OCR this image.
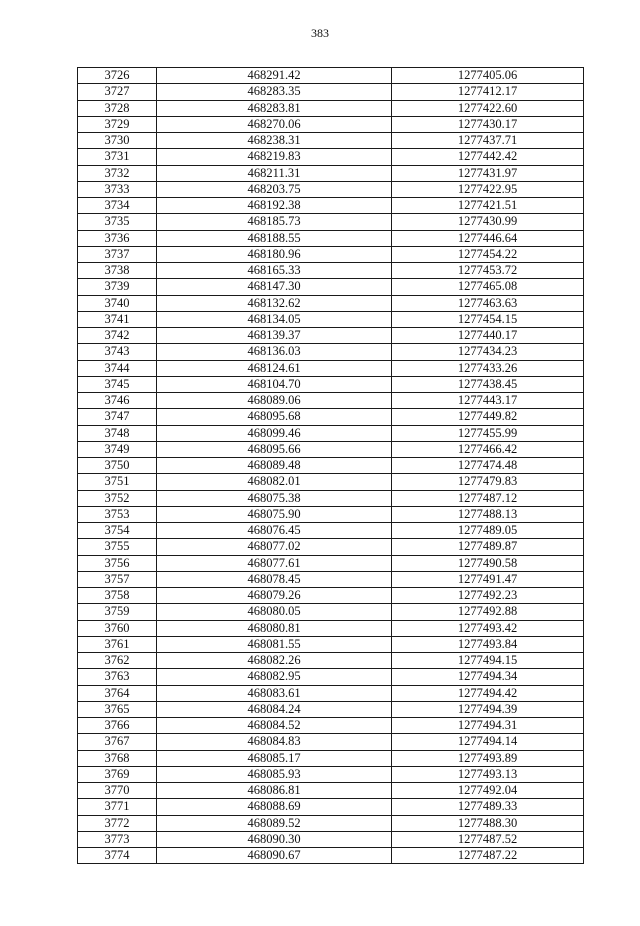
383
3726	468291.42	1277405.06
3727	468283.35	1277412.17
3728	468283.81	1277422.60
3729	468270.06	1277430.17
3730	468238.31	1277437.71
3731	468219.83	1277442.42
3732	468211.31	1277431.97
3733	468203.75	1277422.95
3734	468192.38	1277421.51
3735	468185.73	1277430.99
3736	468188.55	1277446.64
3737	468180.96	1277454.22
3738	468165.33	1277453.72
3739	468147.30	1277465.08
3740	468132.62	1277463.63
3741	468134.05	1277454.15
3742	468139.37	1277440.17
3743	468136.03	1277434.23
3744	468124.61	1277433.26
3745	468104.70	1277438.45
3746	468089.06	1277443.17
3747	468095.68	1277449.82
3748	468099.46	1277455.99
3749	468095.66	1277466.42
3750	468089.48	1277474.48
3751	468082.01	1277479.83
3752	468075.38	1277487.12
3753	468075.90	1277488.13
3754	468076.45	1277489.05
3755	468077.02	1277489.87
3756	468077.61	1277490.58
3757	468078.45	1277491.47
3758	468079.26	1277492.23
3759	468080.05	1277492.88
3760	468080.81	1277493.42
3761	468081.55	1277493.84
3762	468082.26	1277494.15
3763	468082.95	1277494.34
3764	468083.61	1277494.42
3765	468084.24	1277494.39
3766	468084.52	1277494.31
3767	468084.83	1277494.14
3768	468085.17	1277493.89
3769	468085.93	1277493.13
3770	468086.81	1277492.04
3771	468088.69	1277489.33
3772	468089.52	1277488.30
3773	468090.30	1277487.52
3774	468090.67	1277487.22
